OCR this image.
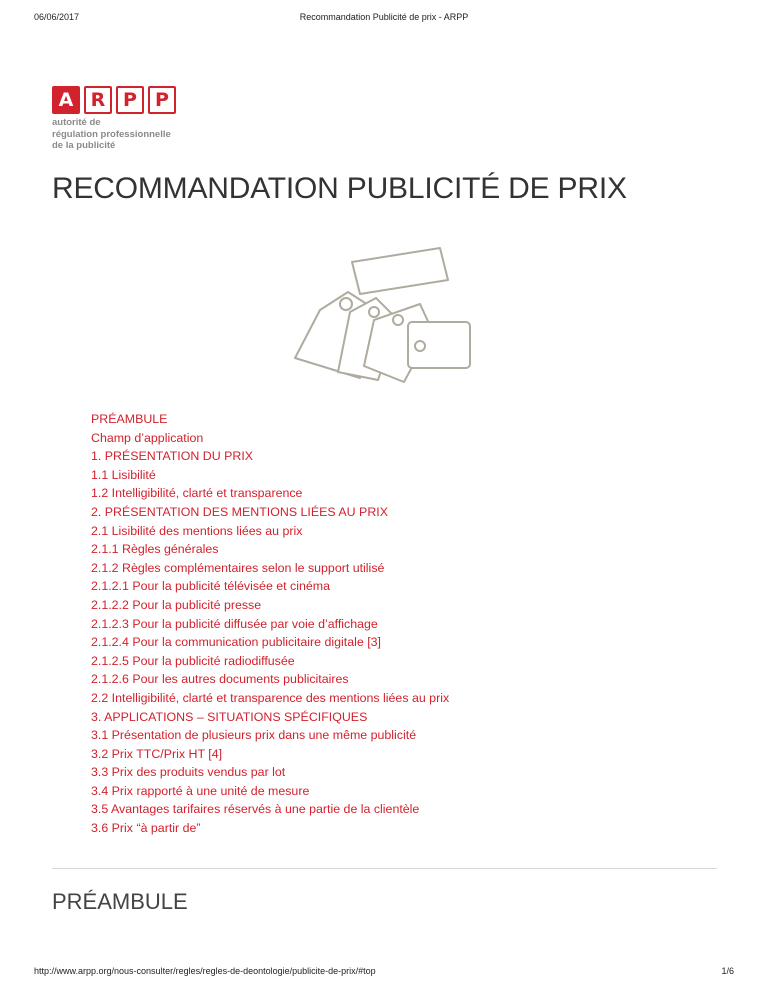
06/06/2017	Recommandation Publicité de prix - ARPP
A R P P
autorité de
régulation professionnelle
de la publicité
RECOMMANDATION PUBLICITÉ DE PRIX
PRÉAMBULE
Champ d’application
1. PRÉSENTATION DU PRIX
1.1 Lisibilité
1.2 Intelligibilité, clarté et transparence
2. PRÉSENTATION DES MENTIONS LIÉES AU PRIX
2.1 Lisibilité des mentions liées au prix
2.1.1 Règles générales
2.1.2 Règles complémentaires selon le support utilisé
2.1.2.1 Pour la publicité télévisée et cinéma
2.1.2.2 Pour la publicité presse
2.1.2.3 Pour la publicité diffusée par voie d’affichage
2.1.2.4 Pour la communication publicitaire digitale [3]
2.1.2.5 Pour la publicité radiodiffusée
2.1.2.6 Pour les autres documents publicitaires
2.2 Intelligibilité, clarté et transparence des mentions liées au prix
3. APPLICATIONS – SITUATIONS SPÉCIFIQUES
3.1 Présentation de plusieurs prix dans une même publicité
3.2 Prix TTC/Prix HT [4]
3.3 Prix des produits vendus par lot
3.4 Prix rapporté à une unité de mesure
3.5 Avantages tarifaires réservés à une partie de la clientèle
3.6 Prix “à partir de”
PRÉAMBULE
http://www.arpp.org/nous-consulter/regles/regles-de-deontologie/publicite-de-prix/#top	1/6
